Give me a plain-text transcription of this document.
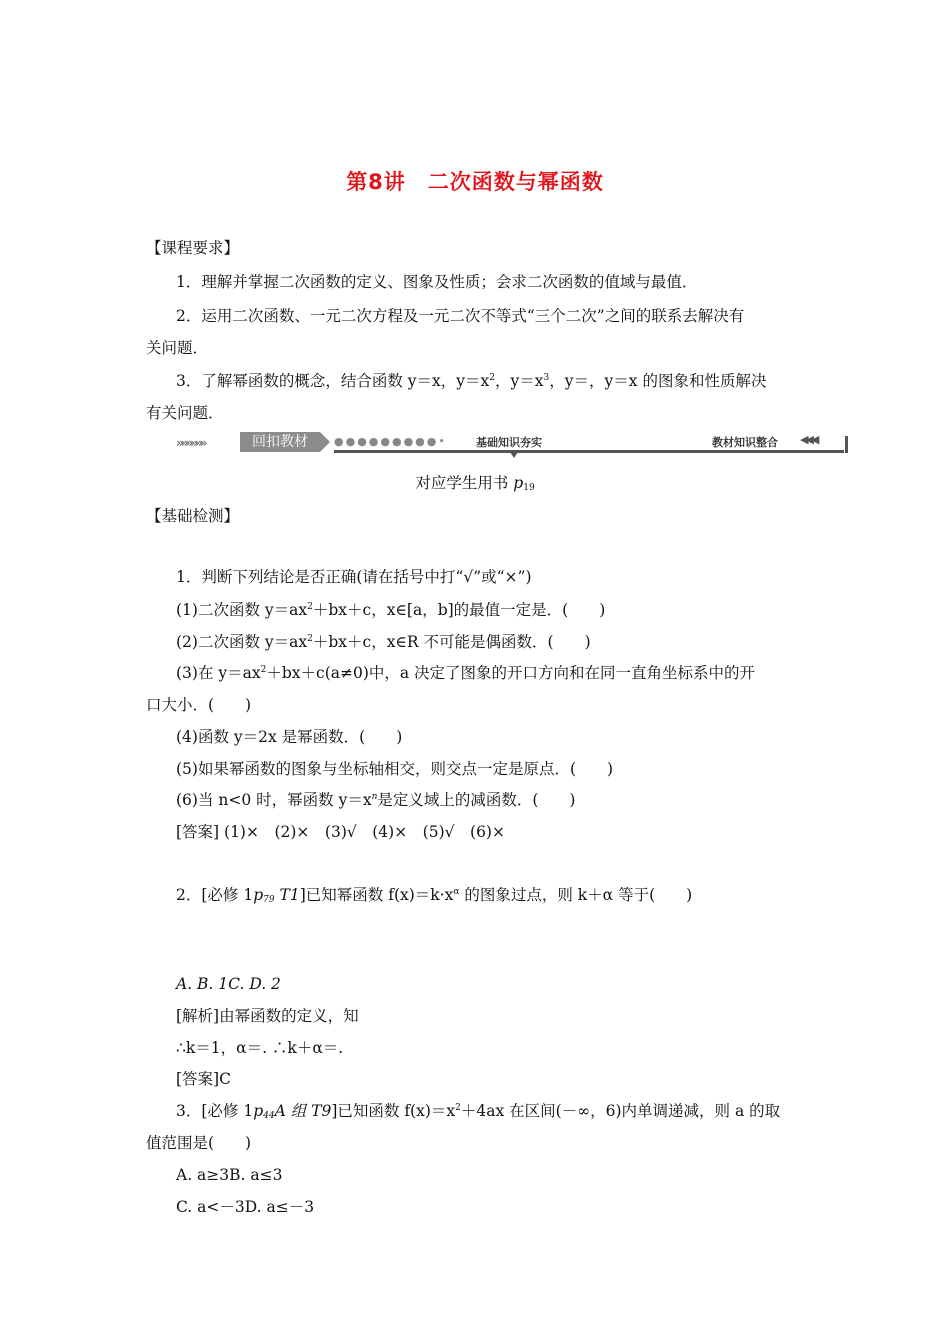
第8讲 二次函数与幂函数
【课程要求】
1．理解并掌握二次函数的定义、图象及性质；会求二次函数的值域与最值．
2．运用二次函数、一元二次方程及一元二次不等式“三个二次”之间的联系去解决有
关问题．
3．了解幂函数的概念，结合函数 y＝x，$y=x^2$，$y=x^3$，y＝，y＝x 的图象和性质解决
有关问题．
»»»»»»	回扣教材	●●●●●●●●●•	基础知识夯实	教材知识整合 ◀◀◀
对应学生用书 $p_{19}$
【基础检测】
1．判断下列结论是否正确(请在括号中打“√”或“×”)
(1)二次函数 $y=ax^2+bx+c$，x∈[a，b]的最值一定是．(　　)
(2)二次函数 $y=ax^2+bx+c$，x∈R 不可能是偶函数．(　　)
(3)在 $y=ax^2+bx+c(a\ne 0)$中，a 决定了图象的开口方向和在同一直角坐标系中的开
口大小．(　　)
(4)函数 y＝2x 是幂函数．(　　)
(5)如果幂函数的图象与坐标轴相交，则交点一定是原点．(　　)
(6)当 n<0 时，幂函数 $y=x^n$是定义域上的减函数．(　　)
[答案] (1)×　(2)×　(3)√　(4)×　(5)√　(6)×
2．[必修 $1p_{79}$ T1]已知幂函数 $f(x)=k\cdot x^\alpha$ 的图象过点，则 k＋α 等于(　　)
A. B. 1C. D. 2
[解析]由幂函数的定义，知
∴k＝1，α＝. ∴k＋α＝.
[答案]C
3．[必修 $1p_{44}A$ 组 T9]已知函数 $f(x)=x^2+4ax$ 在区间(－∞，6)内单调递减，则 a 的取
值范围是(　　)
A. a≥3B. a≤3
C. a<－3D. a≤－3
